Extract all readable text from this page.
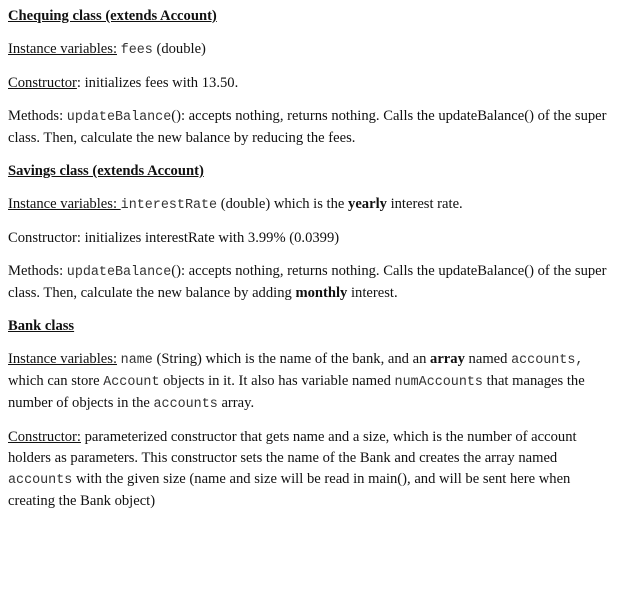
Chequing class (extends Account)
Instance variables: fees (double)
Constructor: initializes fees with 13.50.
Methods: updateBalance(): accepts nothing, returns nothing. Calls the updateBalance() of the super class. Then, calculate the new balance by reducing the fees.
Savings class (extends Account)
Instance variables: interestRate (double) which is the yearly interest rate.
Constructor: initializes interestRate with 3.99% (0.0399)
Methods: updateBalance(): accepts nothing, returns nothing. Calls the updateBalance() of the super class. Then, calculate the new balance by adding monthly interest.
Bank class
Instance variables: name (String) which is the name of the bank, and an array named accounts, which can store Account objects in it. It also has variable named numAccounts that manages the number of objects in the accounts array.
Constructor: parameterized constructor that gets name and a size, which is the number of account holders as parameters. This constructor sets the name of the Bank and creates the array named accounts with the given size (name and size will be read in main(), and will be sent here when creating the Bank object)
